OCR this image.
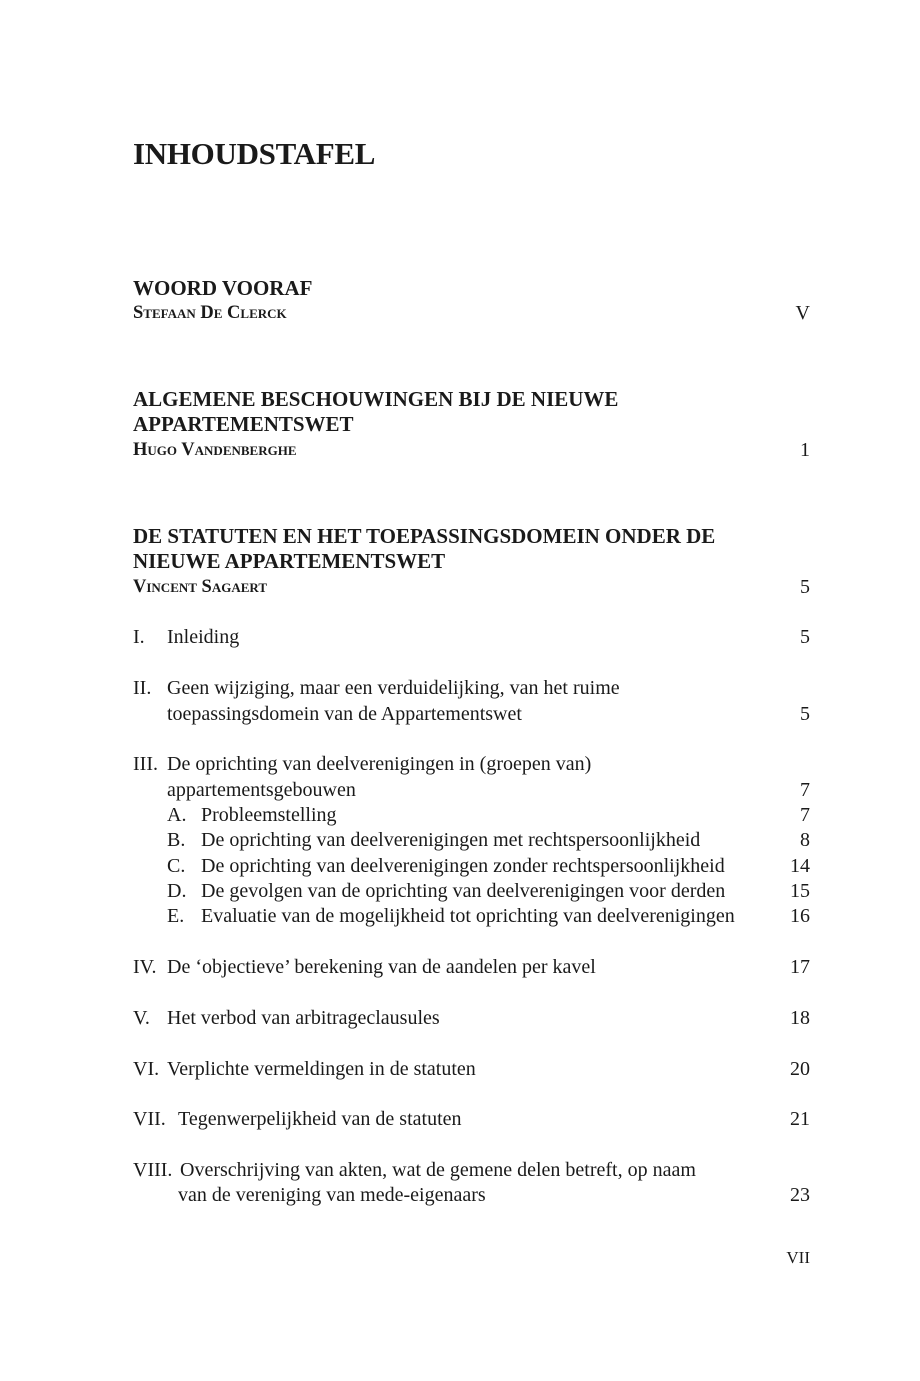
INHOUDSTAFEL
WOORD VOORAF
Stefaan De Clerck	V
ALGEMENE BESCHOUWINGEN BIJ DE NIEUWE
APPARTEMENTSWET
Hugo Vandenberghe	1
DE STATUTEN EN HET TOEPASSINGSDOMEIN ONDER DE
NIEUWE APPARTEMENTSWET
Vincent Sagaert	5
I. Inleiding	5
II. Geen wijziging, maar een verduidelijking, van het ruime
toepassingsdomein van de Appartementswet	5
III. De oprichting van deelverenigingen in (groepen van)
appartementsgebouwen	7
A. Probleemstelling	7
B. De oprichting van deelverenigingen met rechtspersoonlijkheid	8
C. De oprichting van deelverenigingen zonder rechtspersoonlijkheid	14
D. De gevolgen van de oprichting van deelverenigingen voor derden	15
E. Evaluatie van de mogelijkheid tot oprichting van deelverenigingen	16
IV. De ‘objectieve’ berekening van de aandelen per kavel	17
V. Het verbod van arbitrageclausules	18
VI. Verplichte vermeldingen in de statuten	20
VII. Tegenwerpelijkheid van de statuten	21
VIII. Overschrijving van akten, wat de gemene delen betreft, op naam
van de vereniging van mede-eigenaars	23
VII
